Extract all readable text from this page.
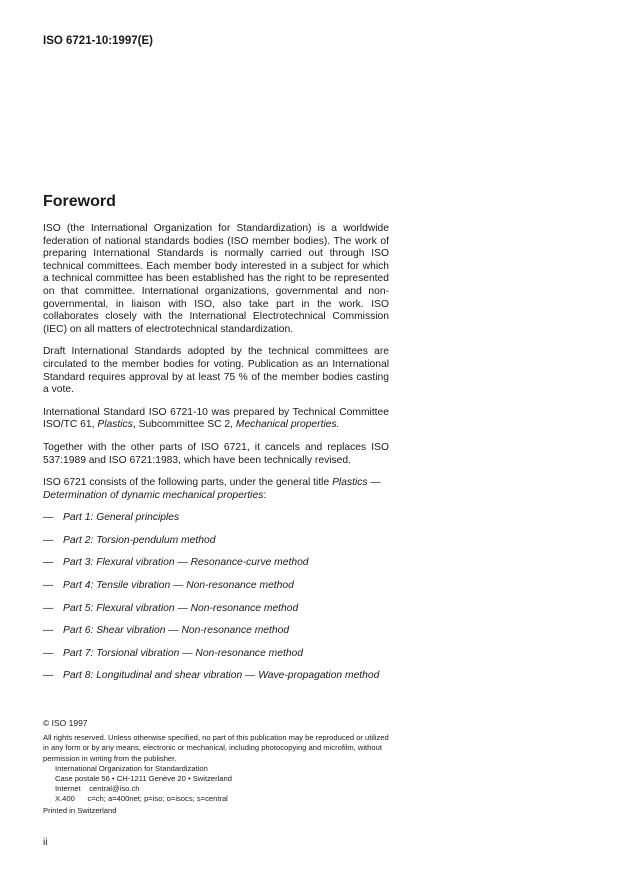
ISO 6721-10:1997(E)
Foreword

ISO (the International Organization for Standardization) is a worldwide federation of national standards bodies (ISO member bodies). The work of preparing International Standards is normally carried out through ISO technical committees. Each member body interested in a subject for which a technical committee has been established has the right to be represented on that committee. International organizations, governmental and non-governmental, in liaison with ISO, also take part in the work. ISO collaborates closely with the International Electrotechnical Commission (IEC) on all matters of electrotechnical standardization.

Draft International Standards adopted by the technical committees are circulated to the member bodies for voting. Publication as an International Standard requires approval by at least 75 % of the member bodies casting a vote.

International Standard ISO 6721-10 was prepared by Technical Committee ISO/TC 61, Plastics, Subcommittee SC 2, Mechanical properties.

Together with the other parts of ISO 6721, it cancels and replaces ISO 537:1989 and ISO 6721:1983, which have been technically revised.

ISO 6721 consists of the following parts, under the general title Plastics — Determination of dynamic mechanical properties:

— Part 1: General principles
— Part 2: Torsion-pendulum method
— Part 3: Flexural vibration — Resonance-curve method
— Part 4: Tensile vibration — Non-resonance method
— Part 5: Flexural vibration — Non-resonance method
— Part 6: Shear vibration — Non-resonance method
— Part 7: Torsional vibration — Non-resonance method
— Part 8: Longitudinal and shear vibration — Wave-propagation method

© ISO 1997

All rights reserved. Unless otherwise specified, no part of this publication may be reproduced or utilized in any form or by any means, electronic or mechanical, including photocopying and microfilm, without permission in writing from the publisher.

International Organization for Standardization

Case postale 56 • CH-1211 Genève 20 • Switzerland

Internet    central@iso.ch

X.400      c=ch; a=400net; p=iso; o=isocs; s=central

Printed in Switzerland

ii
